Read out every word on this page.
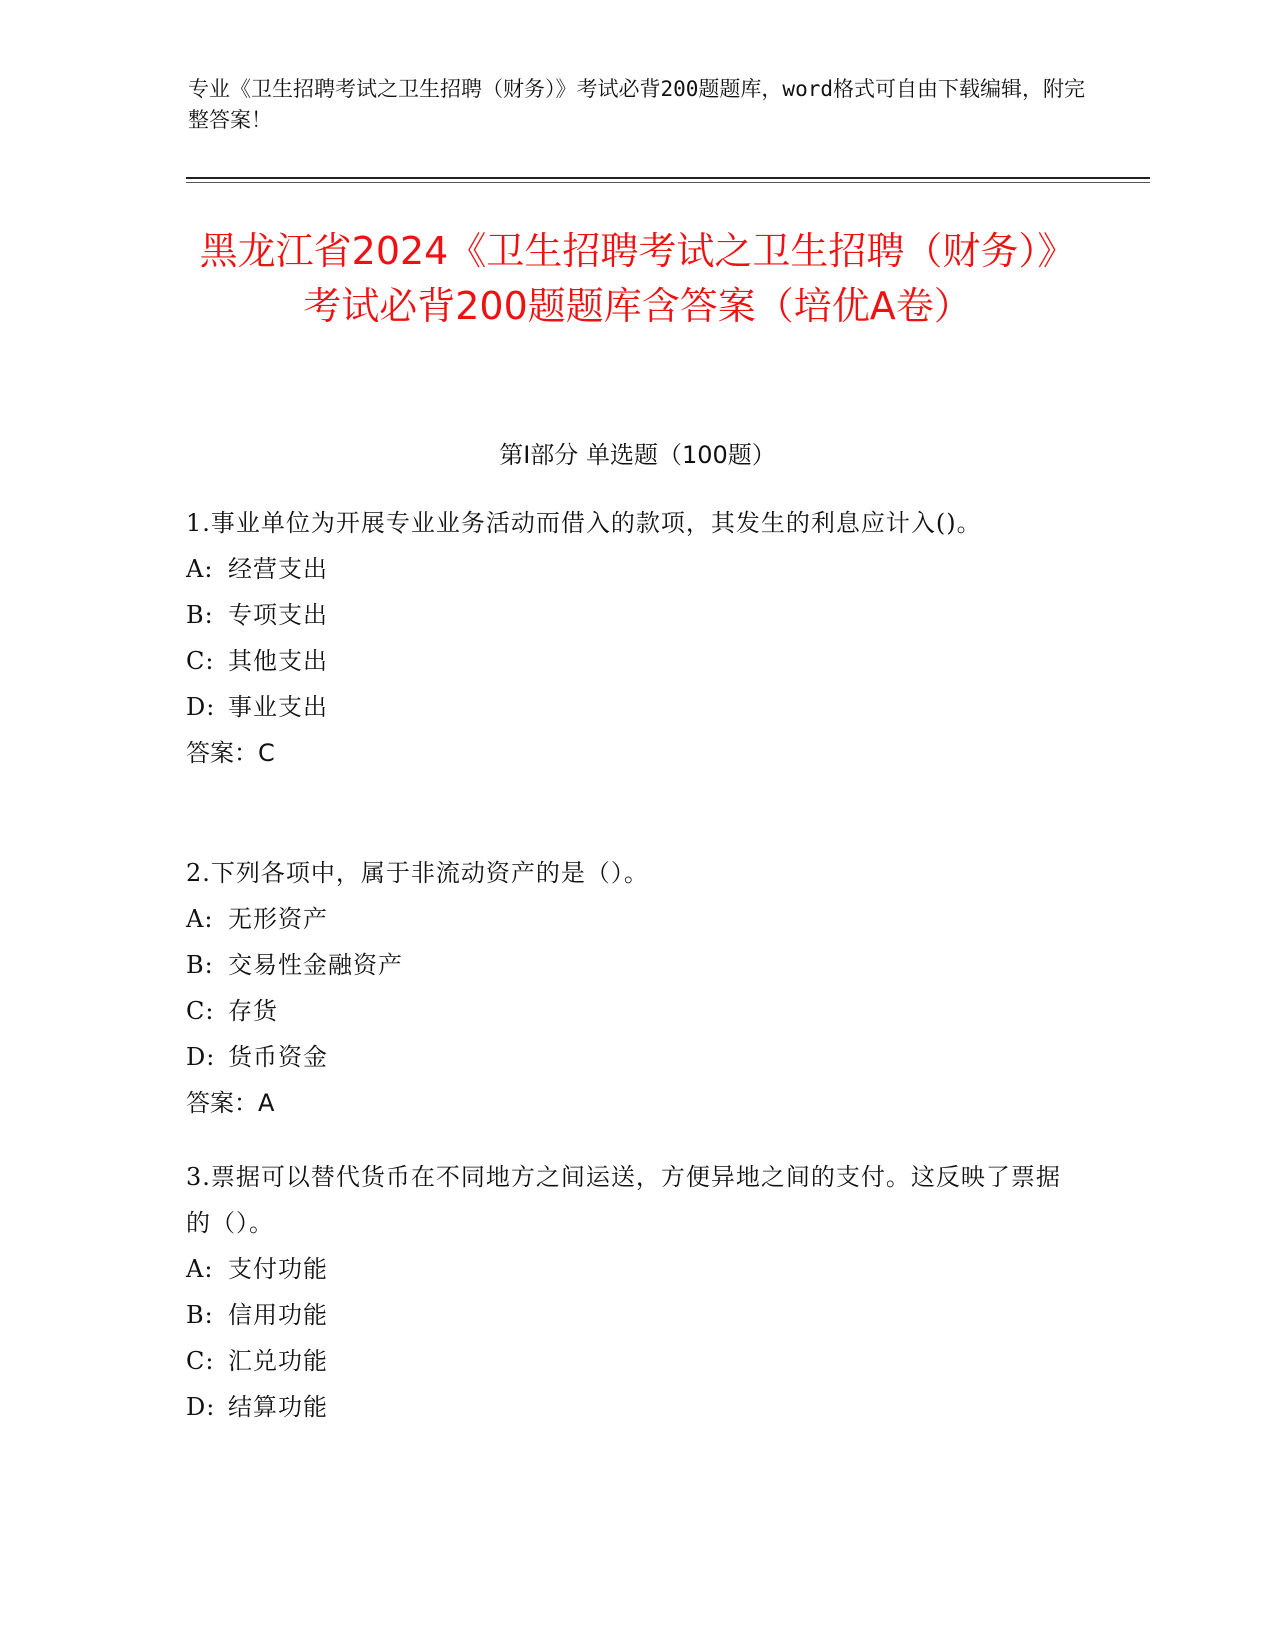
专业《卫生招聘考试之卫生招聘（财务）》考试必背200题题库，word格式可自由下载编辑，附完整答案！
黑龙江省2024《卫生招聘考试之卫生招聘（财务）》考试必背200题题库含答案（培优A卷）
第Ⅰ部分 单选题（100题）

1.事业单位为开展专业业务活动而借入的款项，其发生的利息应计入()。

A: 经营支出
B: 专项支出
C: 其他支出
D: 事业支出
答案：C

2.下列各项中，属于非流动资产的是（）。

A: 无形资产
B: 交易性金融资产
C: 存货
D: 货币资金
答案：A

3.票据可以替代货币在不同地方之间运送，方便异地之间的支付。这反映了票据的（）。

A: 支付功能
B: 信用功能
C: 汇兑功能
D: 结算功能
